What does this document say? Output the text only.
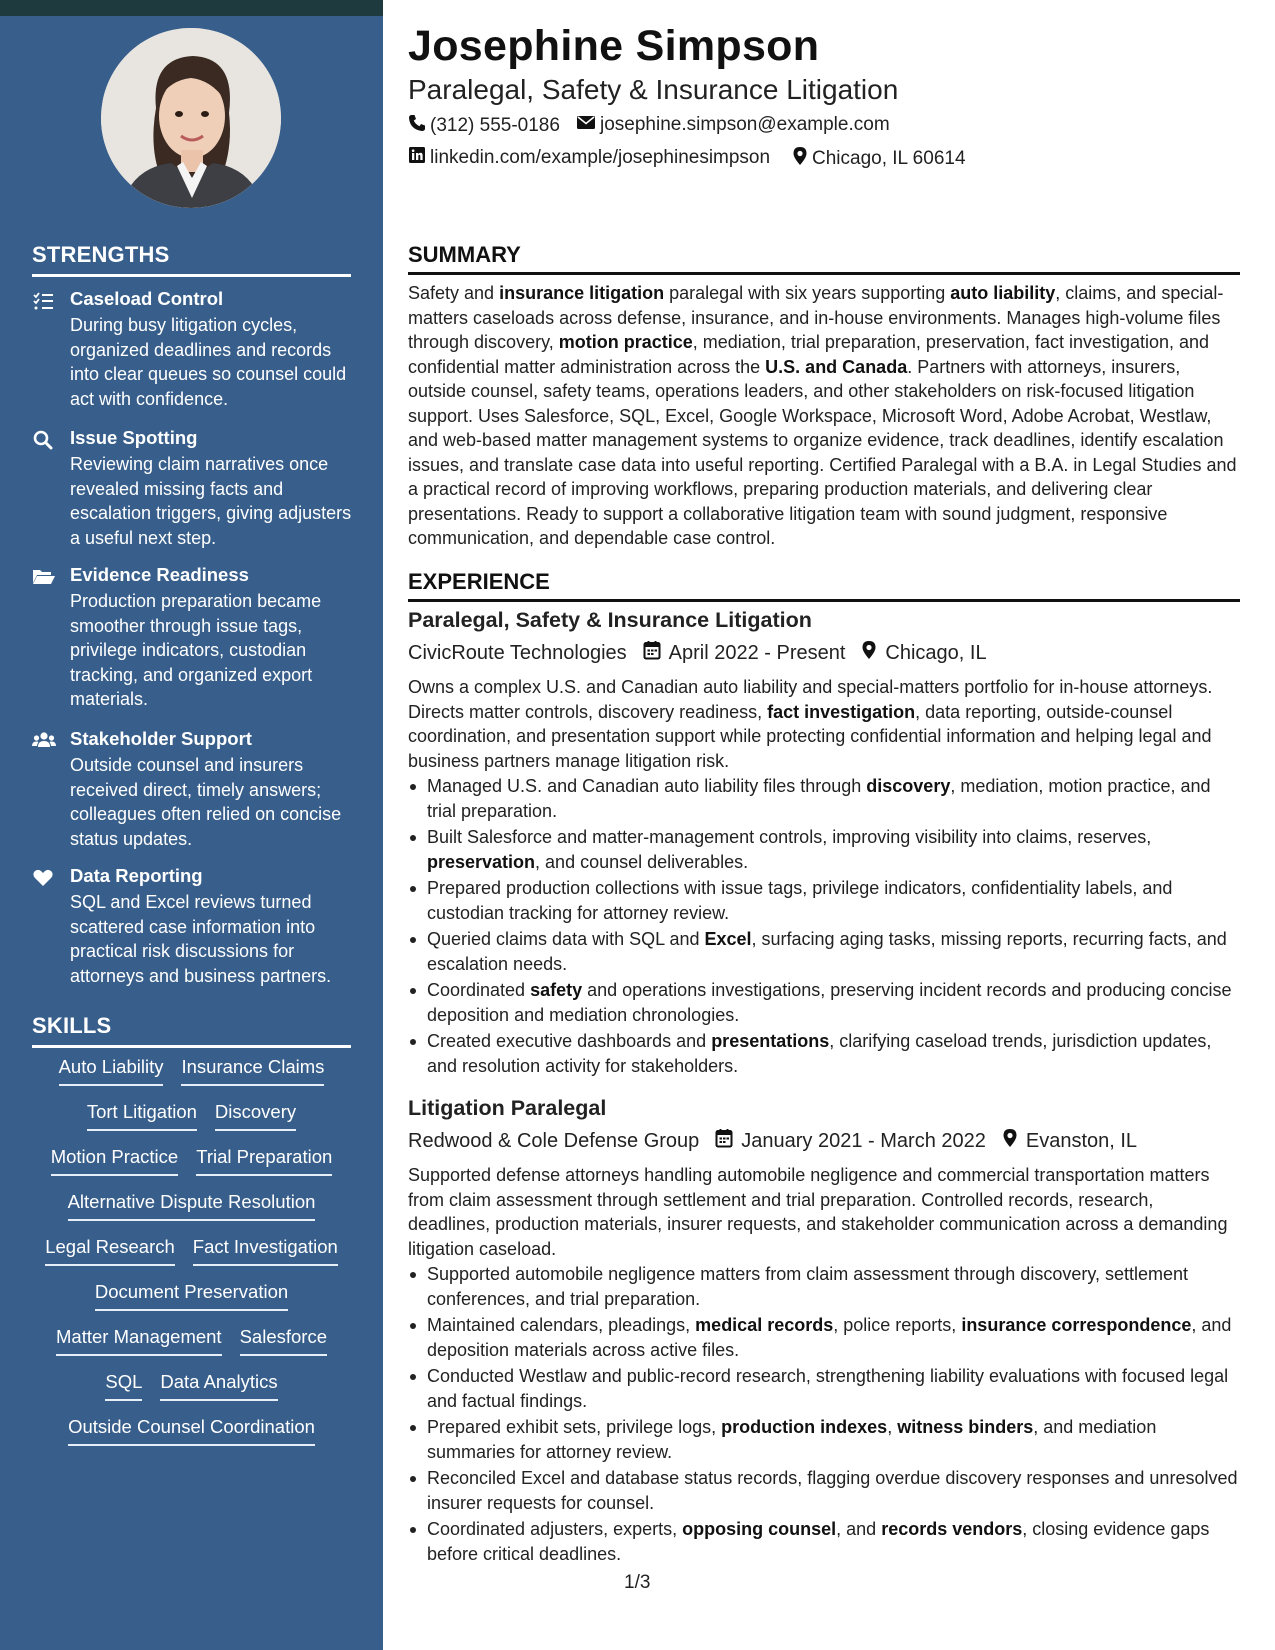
STRENGTHS
Caseload Control
During busy litigation cycles, organized deadlines and records into clear queues so counsel could act with confidence.
Issue Spotting
Reviewing claim narratives once revealed missing facts and escalation triggers, giving adjusters a useful next step.
Evidence Readiness
Production preparation became smoother through issue tags, privilege indicators, custodian tracking, and organized export materials.
Stakeholder Support
Outside counsel and insurers received direct, timely answers; colleagues often relied on concise status updates.
Data Reporting
SQL and Excel reviews turned scattered case information into practical risk discussions for attorneys and business partners.
SKILLS
Auto Liability Insurance Claims
Tort Litigation Discovery
Motion Practice Trial Preparation
Alternative Dispute Resolution
Legal Research Fact Investigation
Document Preservation
Matter Management Salesforce
SQL Data Analytics
Outside Counsel Coordination
Josephine Simpson
Paralegal, Safety & Insurance Litigation
(312) 555-0186 josephine.simpson@example.com
linkedin.com/example/josephinesimpson Chicago, IL 60614
SUMMARY
Safety and insurance litigation paralegal with six years supporting auto liability, claims, and special-matters caseloads across defense, insurance, and in-house environments. Manages high-volume files through discovery, motion practice, mediation, trial preparation, preservation, fact investigation, and confidential matter administration across the U.S. and Canada. Partners with attorneys, insurers, outside counsel, safety teams, operations leaders, and other stakeholders on risk-focused litigation support. Uses Salesforce, SQL, Excel, Google Workspace, Microsoft Word, Adobe Acrobat, Westlaw, and web-based matter management systems to organize evidence, track deadlines, identify escalation issues, and translate case data into useful reporting. Certified Paralegal with a B.A. in Legal Studies and a practical record of improving workflows, preparing production materials, and delivering clear presentations. Ready to support a collaborative litigation team with sound judgment, responsive communication, and dependable case control.
EXPERIENCE
Paralegal, Safety & Insurance Litigation
CivicRoute Technologies April 2022 - Present Chicago, IL
Owns a complex U.S. and Canadian auto liability and special-matters portfolio for in-house attorneys. Directs matter controls, discovery readiness, fact investigation, data reporting, outside-counsel coordination, and presentation support while protecting confidential information and helping legal and business partners manage litigation risk.
Managed U.S. and Canadian auto liability files through discovery, mediation, motion practice, and trial preparation.
Built Salesforce and matter-management controls, improving visibility into claims, reserves, preservation, and counsel deliverables.
Prepared production collections with issue tags, privilege indicators, confidentiality labels, and custodian tracking for attorney review.
Queried claims data with SQL and Excel, surfacing aging tasks, missing reports, recurring facts, and escalation needs.
Coordinated safety and operations investigations, preserving incident records and producing concise deposition and mediation chronologies.
Created executive dashboards and presentations, clarifying caseload trends, jurisdiction updates, and resolution activity for stakeholders.
Litigation Paralegal
Redwood & Cole Defense Group January 2021 - March 2022 Evanston, IL
Supported defense attorneys handling automobile negligence and commercial transportation matters from claim assessment through settlement and trial preparation. Controlled records, research, deadlines, production materials, insurer requests, and stakeholder communication across a demanding litigation caseload.
Supported automobile negligence matters from claim assessment through discovery, settlement conferences, and trial preparation.
Maintained calendars, pleadings, medical records, police reports, insurance correspondence, and deposition materials across active files.
Conducted Westlaw and public-record research, strengthening liability evaluations with focused legal and factual findings.
Prepared exhibit sets, privilege logs, production indexes, witness binders, and mediation summaries for attorney review.
Reconciled Excel and database status records, flagging overdue discovery responses and unresolved insurer requests for counsel.
Coordinated adjusters, experts, opposing counsel, and records vendors, closing evidence gaps before critical deadlines.
1/3
